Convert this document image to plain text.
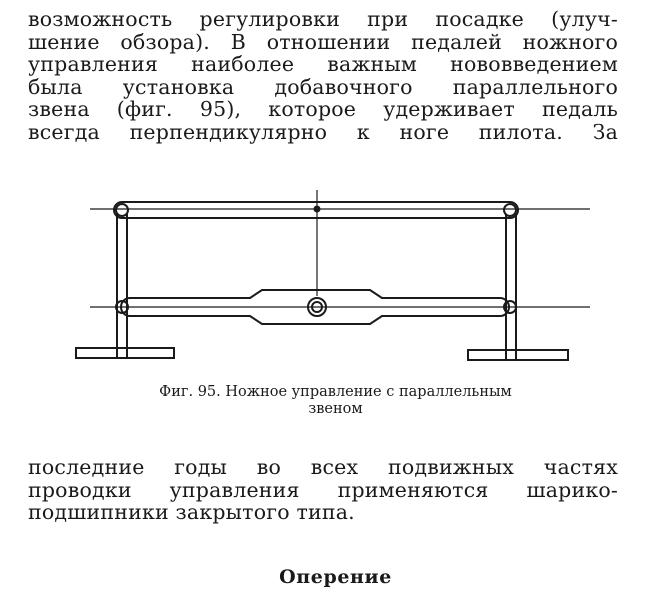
возможность регулировки при посадке (улуч-
шение обзора). В отношении педалей ножного
управления наиболее важным нововведением
была установка добавочного параллельного
звена (фиг. 95), которое удерживает педаль
всегда перпендикулярно к ноге пилота. За
Фиг. 95. Ножное управление с параллельным
звеном
последние годы во всех подвижных частях
проводки управления применяются шарико-
подшипники закрытого типа.
Оперение
